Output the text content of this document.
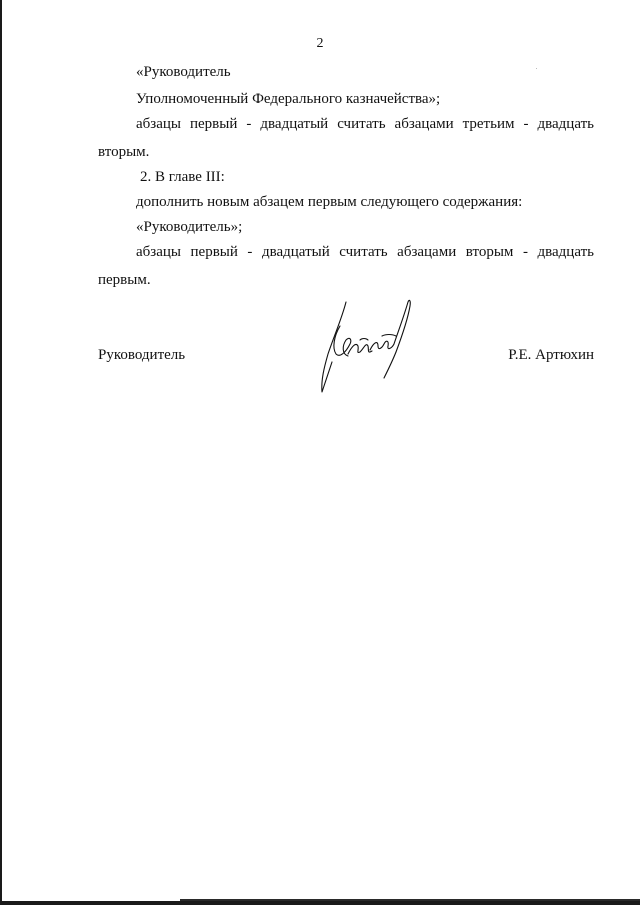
2
«Руководитель
Уполномоченный Федерального казначейства»;
абзацы первый - двадцатый считать абзацами третьим - двадцать
вторым.
2. В главе III:
дополнить новым абзацем первым следующего содержания:
«Руководитель»;
абзацы первый - двадцатый считать абзацами вторым - двадцать
первым.
Руководитель	Р.Е. Артюхин
